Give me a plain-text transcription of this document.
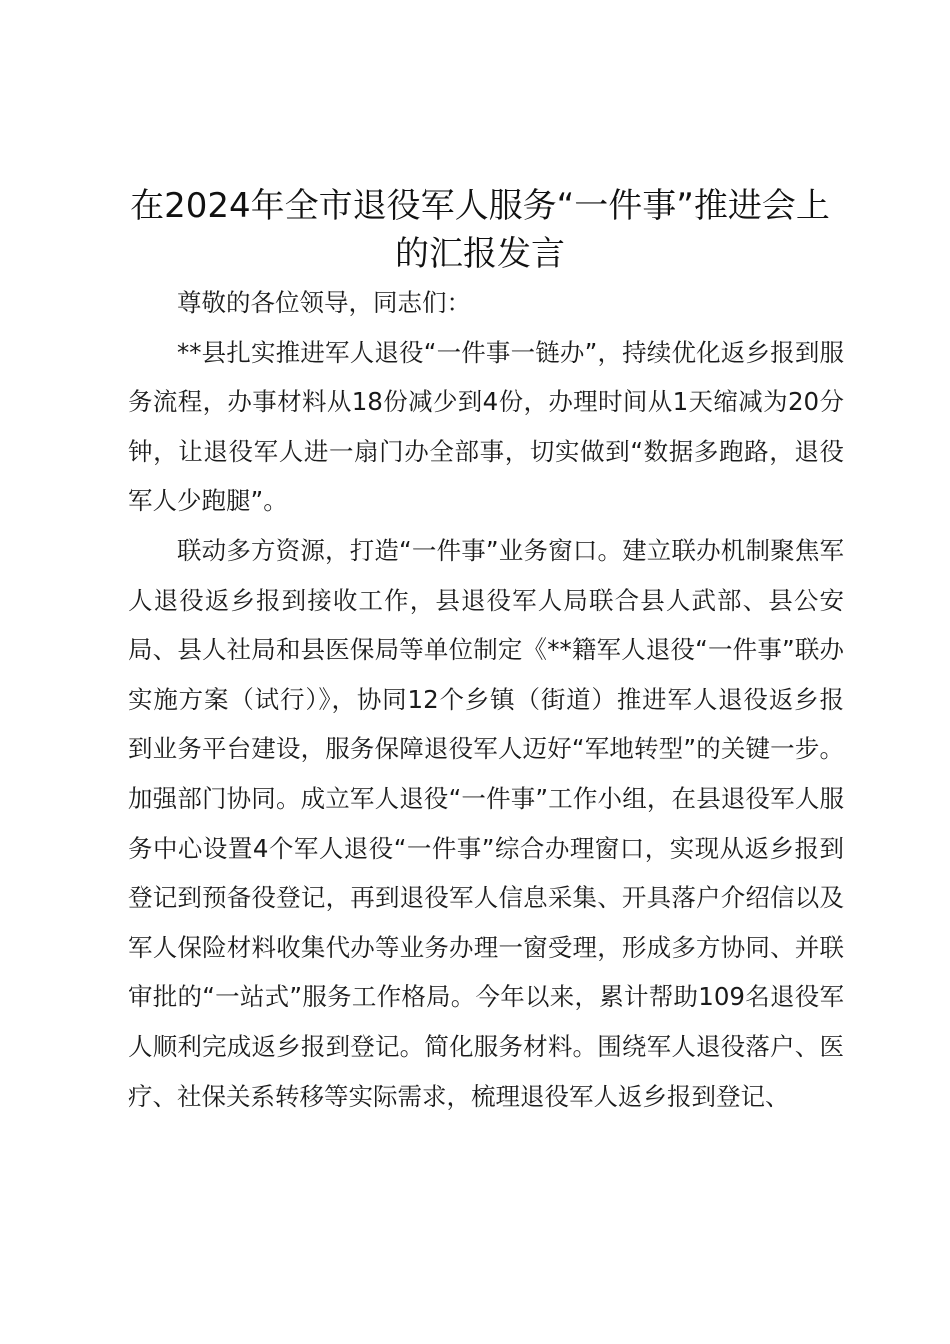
在2024年全市退役军人服务“一件事”推进会上的汇报发言

尊敬的各位领导，同志们：

**县扎实推进军人退役“一件事一链办”，持续优化返乡报到服务流程，办事材料从18份减少到4份，办理时间从1天缩减为20分钟，让退役军人进一扇门办全部事，切实做到“数据多跑路，退役军人少跑腿”。

联动多方资源，打造“一件事”业务窗口。建立联办机制聚焦军人退役返乡报到接收工作，县退役军人局联合县人武部、县公安局、县人社局和县医保局等单位制定《**籍军人退役“一件事”联办实施方案（试行）》，协同12个乡镇（街道）推进军人退役返乡报到业务平台建设，服务保障退役军人迈好“军地转型”的关键一步。加强部门协同。成立军人退役“一件事”工作小组，在县退役军人服务中心设置4个军人退役“一件事”综合办理窗口，实现从返乡报到登记到预备役登记，再到退役军人信息采集、开具落户介绍信以及军人保险材料收集代办等业务办理一窗受理，形成多方协同、并联审批的“一站式”服务工作格局。今年以来，累计帮助109名退役军人顺利完成返乡报到登记。简化服务材料。围绕军人退役落户、医疗、社保关系转移等实际需求，梳理退役军人返乡报到登记、
